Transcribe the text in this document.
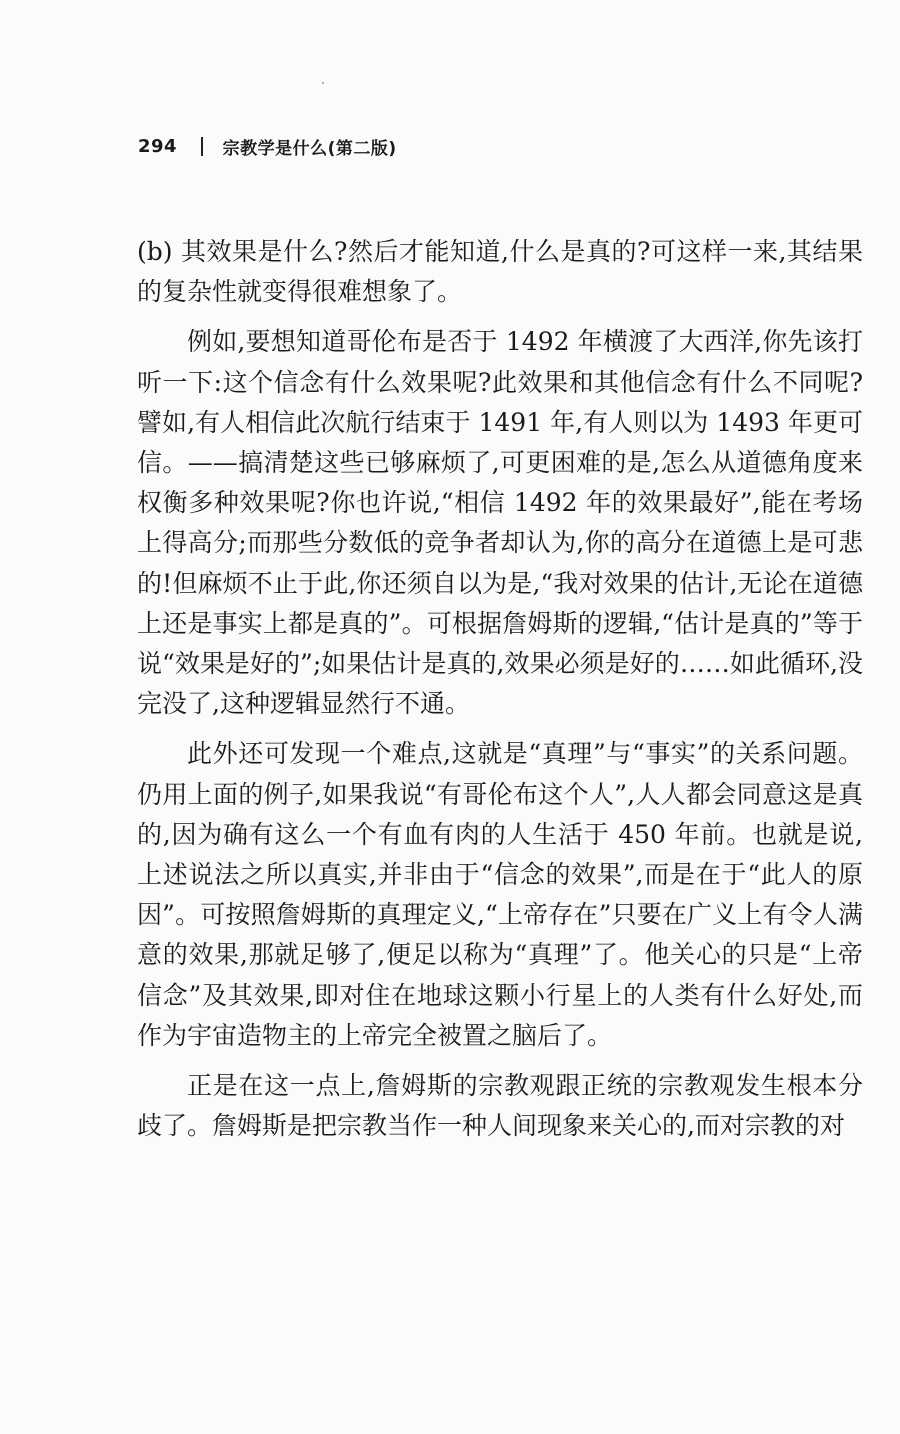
294	宗教学是什么(第二版)

(b) 其效果是什么?然后才能知道,什么是真的?可这样一来,其结果的复杂性就变得很难想象了。

例如,要想知道哥伦布是否于 1492 年横渡了大西洋,你先该打听一下:这个信念有什么效果呢?此效果和其他信念有什么不同呢?譬如,有人相信此次航行结束于 1491 年,有人则以为 1493 年更可信。——搞清楚这些已够麻烦了,可更困难的是,怎么从道德角度来权衡多种效果呢?你也许说,“相信 1492 年的效果最好”,能在考场上得高分;而那些分数低的竞争者却认为,你的高分在道德上是可悲的!但麻烦不止于此,你还须自以为是,“我对效果的估计,无论在道德上还是事实上都是真的”。可根据詹姆斯的逻辑,“估计是真的”等于说“效果是好的”;如果估计是真的,效果必须是好的……如此循环,没完没了,这种逻辑显然行不通。

此外还可发现一个难点,这就是“真理”与“事实”的关系问题。仍用上面的例子,如果我说“有哥伦布这个人”,人人都会同意这是真的,因为确有这么一个有血有肉的人生活于 450 年前。也就是说,上述说法之所以真实,并非由于“信念的效果”,而是在于“此人的原因”。可按照詹姆斯的真理定义,“上帝存在”只要在广义上有令人满意的效果,那就足够了,便足以称为“真理”了。他关心的只是“上帝信念”及其效果,即对住在地球这颗小行星上的人类有什么好处,而作为宇宙造物主的上帝完全被置之脑后了。

正是在这一点上,詹姆斯的宗教观跟正统的宗教观发生根本分歧了。詹姆斯是把宗教当作一种人间现象来关心的,而对宗教的对
